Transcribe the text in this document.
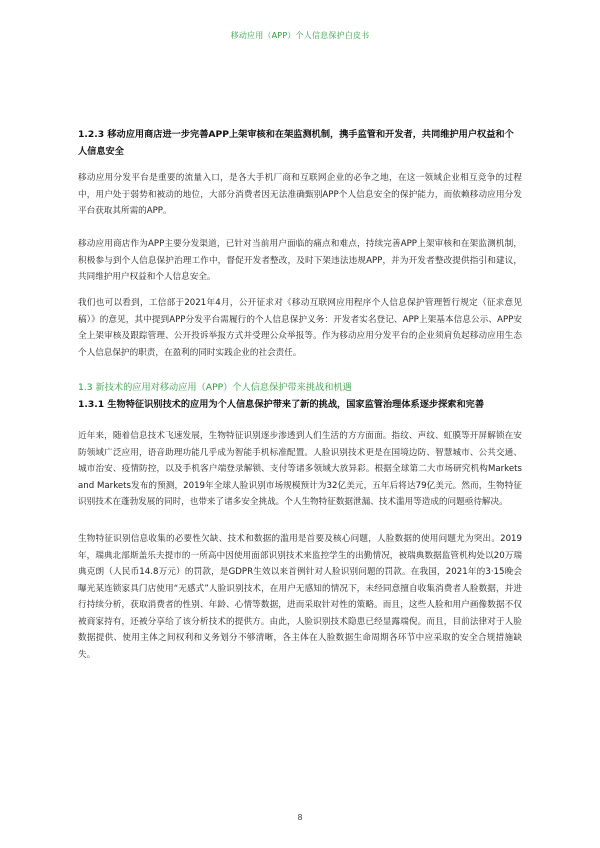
移动应用（APP）个人信息保护白皮书
1.2.3 移动应用商店进一步完善APP上架审核和在架监测机制，携手监管和开发者，共同维护用户权益和个人信息安全

移动应用分发平台是重要的流量入口，是各大手机厂商和互联网企业的必争之地，在这一领域企业相互竞争的过程中，用户处于弱势和被动的地位，大部分消费者因无法准确甄别APP个人信息安全的保护能力，而依赖移动应用分发平台获取其所需的APP。

移动应用商店作为APP主要分发渠道，已针对当前用户面临的痛点和难点，持续完善APP上架审核和在架监测机制，积极参与到个人信息保护治理工作中，督促开发者整改，及时下架违法违规APP，并为开发者整改提供指引和建议，共同维护用户权益和个人信息安全。

我们也可以看到，工信部于2021年4月，公开征求对《移动互联网应用程序个人信息保护管理暂行规定（征求意见稿）》的意见，其中提到APP分发平台需履行的个人信息保护义务：开发者实名登记、APP上架基本信息公示、APP安全上架审核及跟踪管理、公开投诉举报方式并受理公众举报等。作为移动应用分发平台的企业须肩负起移动应用生态个人信息保护的职责，在盈利的同时实践企业的社会责任。

1.3 新技术的应用对移动应用（APP）个人信息保护带来挑战和机遇
1.3.1 生物特征识别技术的应用为个人信息保护带来了新的挑战，国家监管治理体系逐步探索和完善

近年来，随着信息技术飞速发展，生物特征识别逐步渗透到人们生活的方方面面。指纹、声纹、虹膜等开屏解锁在安防领域广泛应用，语音助理功能几乎成为智能手机标准配置。人脸识别技术更是在国境边防、智慧城市、公共交通、城市治安、疫情防控，以及手机客户端登录解锁、支付等诸多领域大放异彩。根据全球第二大市场研究机构Markets and Markets发布的预测，2019年全球人脸识别市场规模预计为32亿美元，五年后将达79亿美元。然而，生物特征识别技术在蓬勃发展的同时，也带来了诸多安全挑战。个人生物特征数据泄漏、技术滥用等造成的问题亟待解决。

生物特征识别信息收集的必要性欠缺、技术和数据的滥用是首要及核心问题，人脸数据的使用问题尤为突出。2019年，瑞典北部斯盖乐夫提市的一所高中因使用面部识别技术来监控学生的出勤情况，被瑞典数据监管机构处以20万瑞典克朗（人民币14.8万元）的罚款，是GDPR生效以来首例针对人脸识别问题的罚款。在我国，2021年的3·15晚会曝光某连锁家具门店使用“无感式”人脸识别技术，在用户无感知的情况下，未经同意擅自收集消费者人脸数据，并进行持续分析，获取消费者的性别、年龄、心情等数据，进而采取针对性的策略。而且，这些人脸和用户画像数据不仅被商家持有，还被分享给了该分析技术的提供方。由此，人脸识别技术隐患已经显露端倪。而且，目前法律对于人脸数据提供、使用主体之间权利和义务划分不够清晰，各主体在人脸数据生命周期各环节中应采取的安全合规措施缺失。

8
